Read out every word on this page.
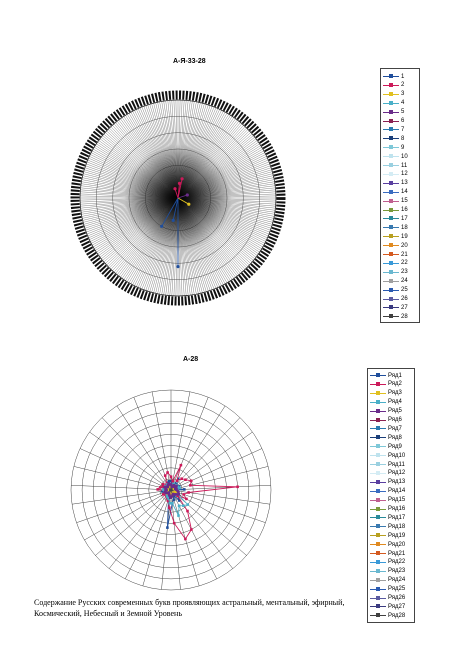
А-Я-33-28
1
2
3
4
5
6
7
8
9
10
11
12
13
14
15
16
17
18
19
20
21
22
23
24
25
26
27
28
А-28
Ряд1
Ряд2
Ряд3
Ряд4
Ряд5
Ряд6
Ряд7
Ряд8
Ряд9
Ряд10
Ряд11
Ряд12
Ряд13
Ряд14
Ряд15
Ряд16
Ряд17
Ряд18
Ряд19
Ряд20
Ряд21
Ряд22
Ряд23
Ряд24
Ряд25
Ряд26
Ряд27
Ряд28
Содержание Русских современных букв проявляющих астральный, ментальный, эфирный, Космический, Небесный и Земной Уровень
